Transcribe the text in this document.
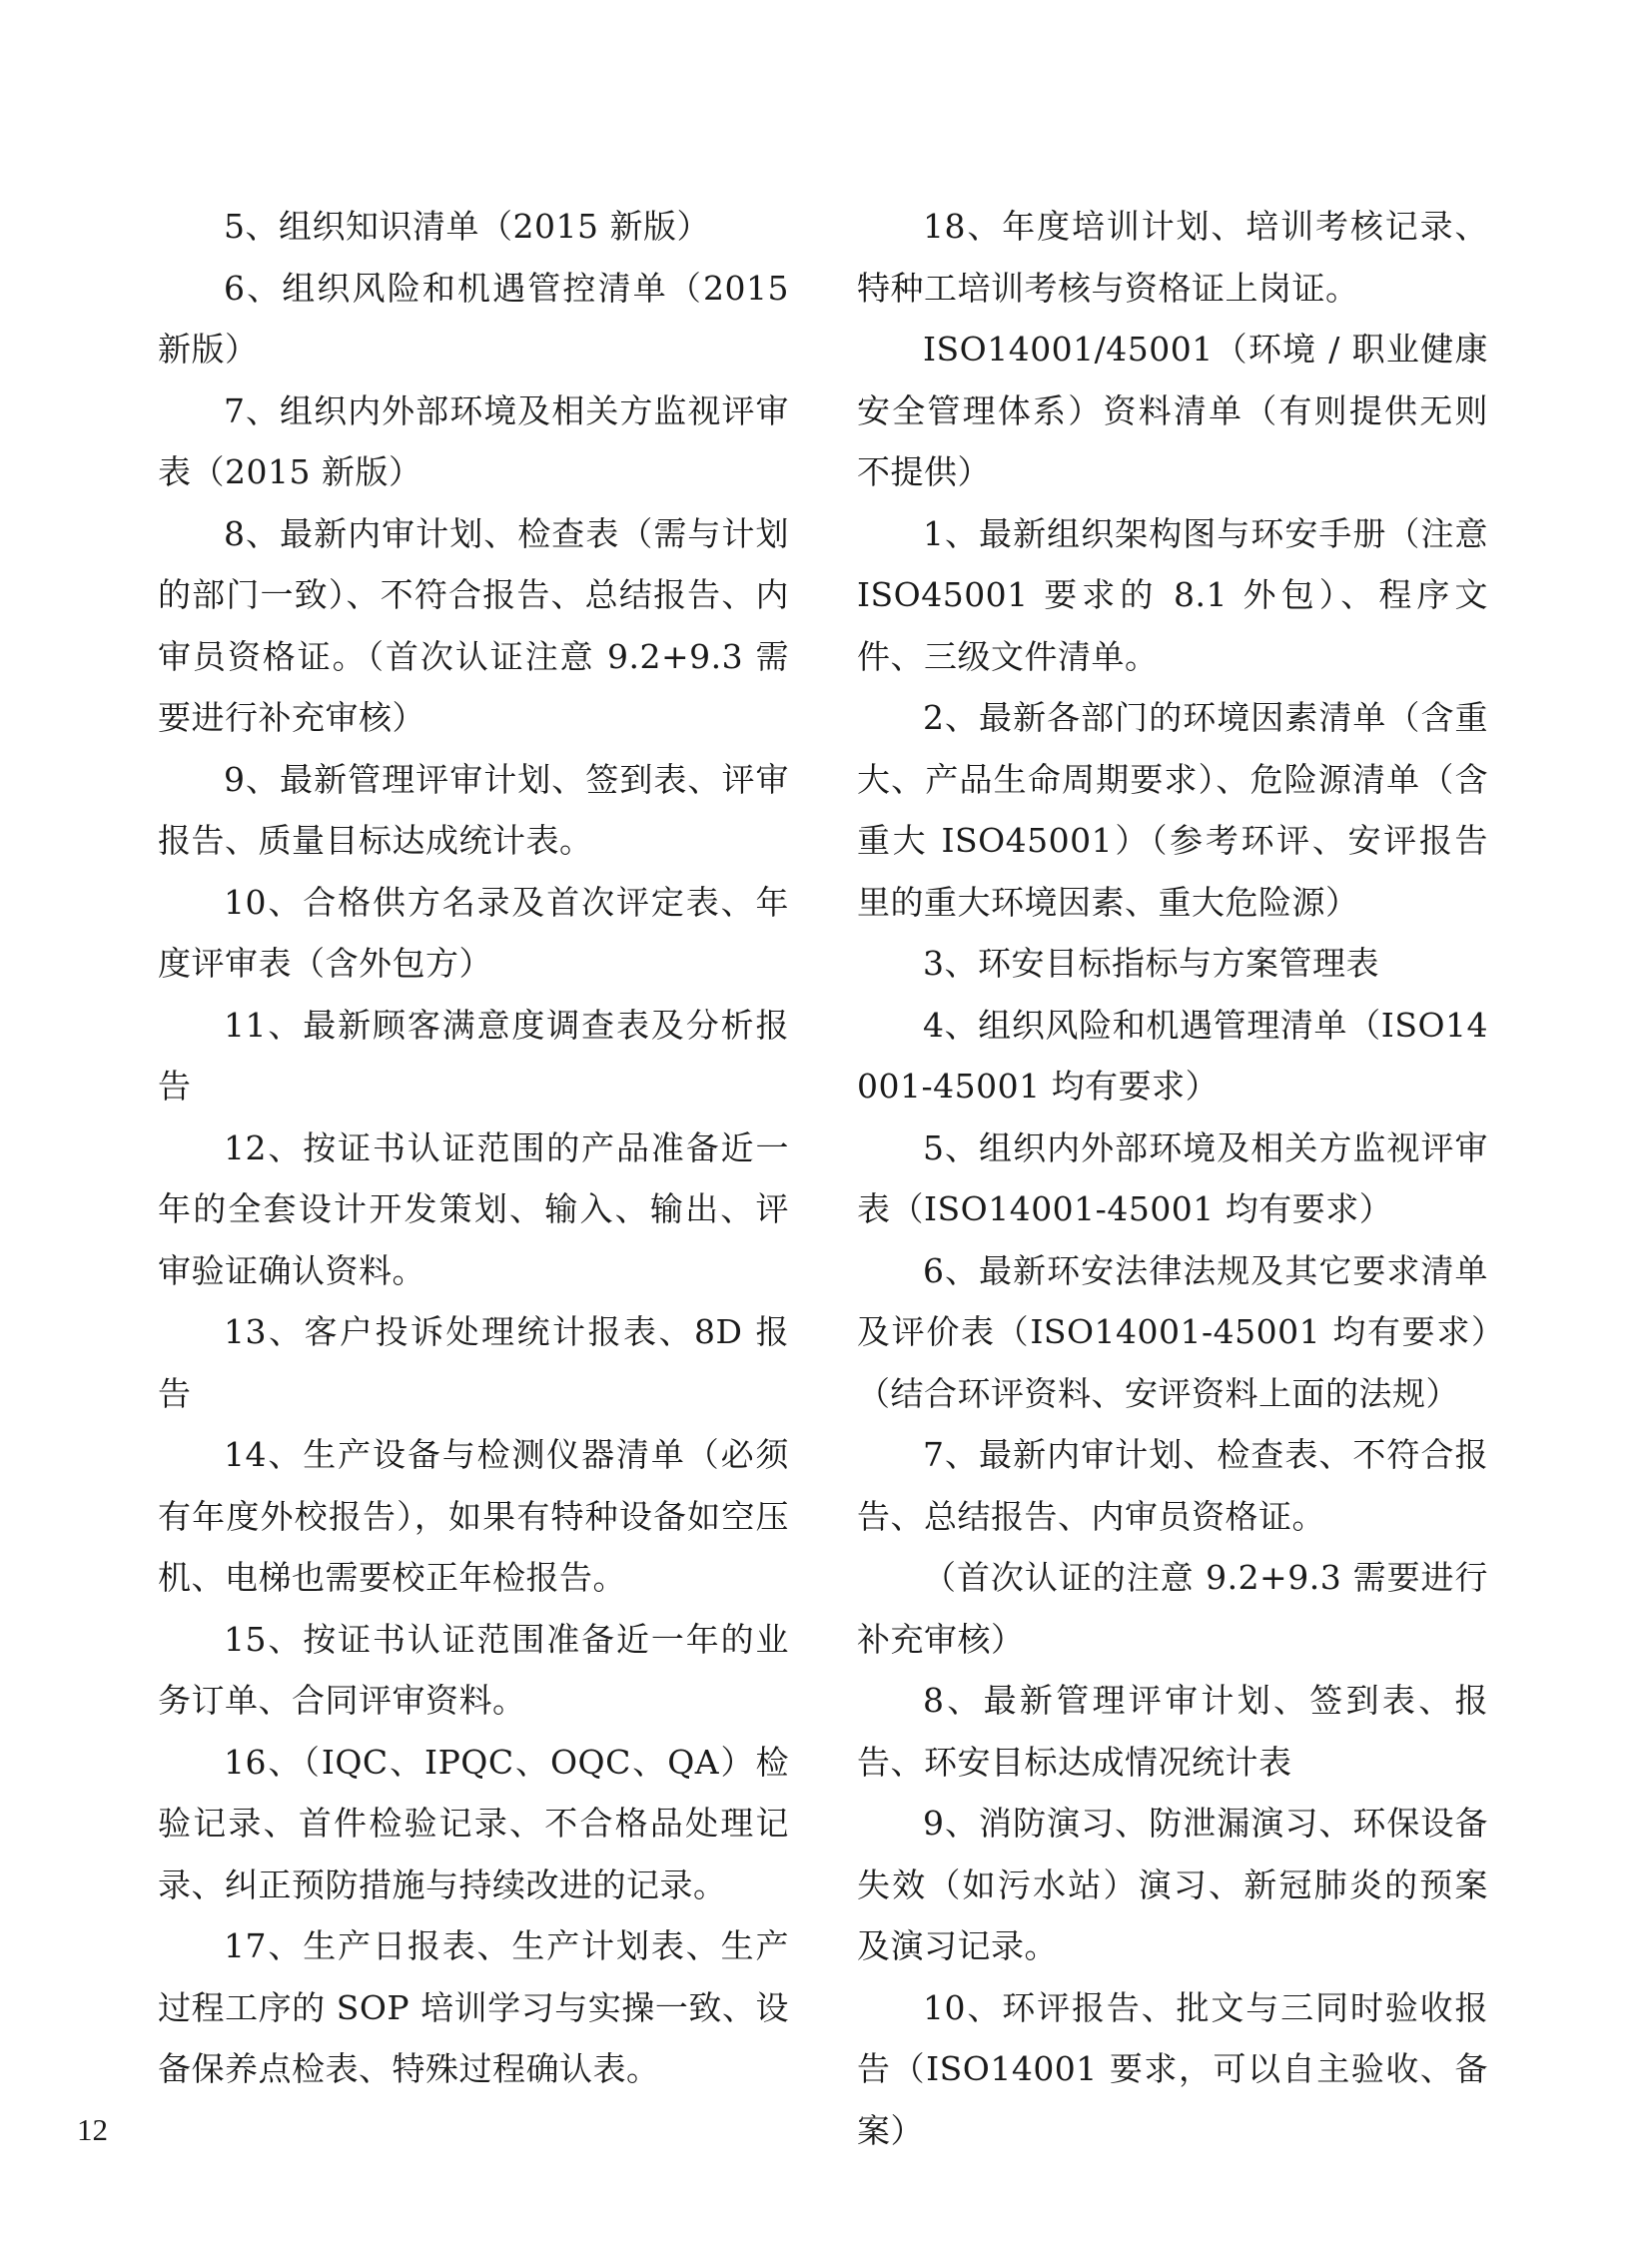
5、组织知识清单（2015 新版）

6、组织风险和机遇管控清单（2015 新版）

7、组织内外部环境及相关方监视评审表（2015 新版）

8、最新内审计划、检查表（需与计划的部门一致）、不符合报告、总结报告、内审员资格证。（首次认证注意 9.2+9.3 需要进行补充审核）

9、最新管理评审计划、签到表、评审报告、质量目标达成统计表。

10、合格供方名录及首次评定表、年度评审表（含外包方）

11、最新顾客满意度调查表及分析报告

12、按证书认证范围的产品准备近一年的全套设计开发策划、输入、输出、评审验证确认资料。

13、客户投诉处理统计报表、8D 报告

14、生产设备与检测仪器清单（必须有年度外校报告），如果有特种设备如空压机、电梯也需要校正年检报告。

15、按证书认证范围准备近一年的业务订单、合同评审资料。

16、（IQC、IPQC、OQC、QA）检验记录、首件检验记录、不合格品处理记录、纠正预防措施与持续改进的记录。

17、生产日报表、生产计划表、生产过程工序的 SOP 培训学习与实操一致、设备保养点检表、特殊过程确认表。

18、年度培训计划、培训考核记录、特种工培训考核与资格证上岗证。

ISO14001/45001（环境 / 职业健康安全管理体系）资料清单（有则提供无则不提供）

1、最新组织架构图与环安手册（注意 ISO45001 要求的 8.1 外包）、程序文件、三级文件清单。

2、最新各部门的环境因素清单（含重大、产品生命周期要求）、危险源清单（含重大 ISO45001）（参考环评、安评报告里的重大环境因素、重大危险源）

3、环安目标指标与方案管理表

4、组织风险和机遇管理清单（ISO14001-45001 均有要求）

5、组织内外部环境及相关方监视评审表（ISO14001-45001 均有要求）

6、最新环安法律法规及其它要求清单及评价表（ISO14001-45001 均有要求）（结合环评资料、安评资料上面的法规）

7、最新内审计划、检查表、不符合报告、总结报告、内审员资格证。

（首次认证的注意 9.2+9.3 需要进行补充审核）

8、最新管理评审计划、签到表、报告、环安目标达成情况统计表

9、消防演习、防泄漏演习、环保设备失效（如污水站）演习、新冠肺炎的预案及演习记录。

10、环评报告、批文与三同时验收报告（ISO14001 要求，可以自主验收、备案）

12
